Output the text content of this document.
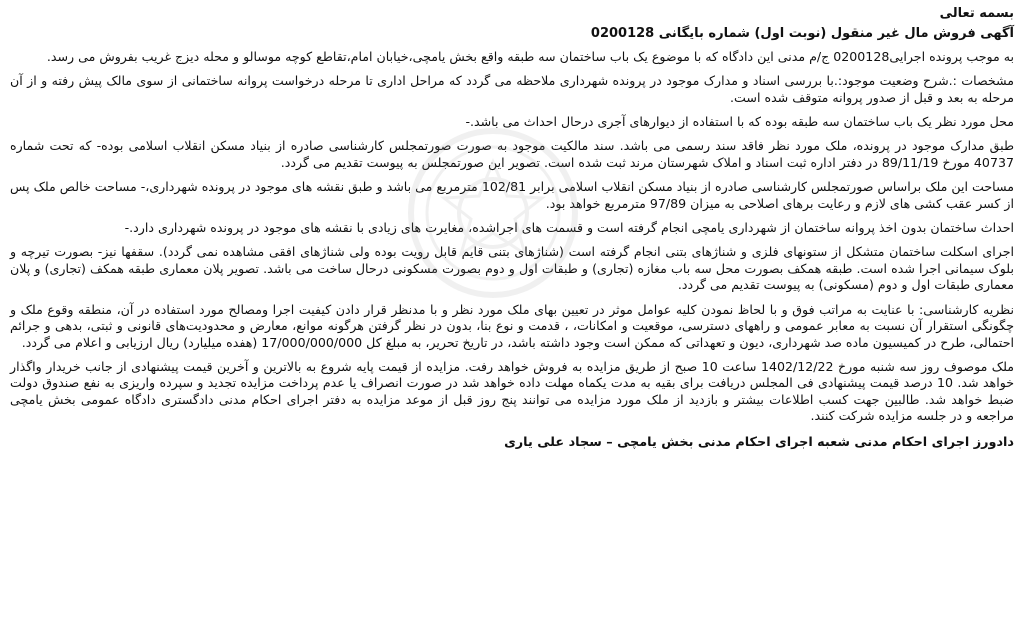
بسمه تعالی

آگهی فروش مال غیر منقول (نوبت اول) شماره بایگانی 0200128

به موجب پرونده اجرایی0200128 ج/م مدنی این دادگاه که با موضوع یک باب ساختمان سه طبقه واقع بخش یامچی،خیابان امام،تقاطع کوچه موسالو و محله دیزج غریب بفروش می رسد.

مشخصات :.شرح وضعیت موجود:.با بررسی اسناد و مدارک موجود در پرونده شهرداری ملاحظه می گردد که مراحل اداری تا مرحله درخواست پروانه ساختمانی از سوی مالک پیش رفته و از آن مرحله به بعد و قبل از صدور پروانه متوقف شده است.

محل مورد نظر یک باب ساختمان سه طبقه بوده که با استفاده از دیوارهای آجری درحال احداث می باشد.-

طبق مدارک موجود در پرونده، ملک مورد نظر فاقد سند رسمی می باشد. سند مالکیت موجود به صورت صورتمجلس کارشناسی صادره از بنیاد مسکن انقلاب اسلامی بوده- که تحت شماره 40737 مورخ 89/11/19 در دفتر اداره ثبت اسناد و املاک شهرستان مرند ثبت شده است. تصویر این صورتمجلس به پیوست تقدیم می گردد.

مساحت این ملک براساس صورتمجلس کارشناسی صادره از بنیاد مسکن انقلاب اسلامی برابر 102/81 مترمربع می باشد و طبق نقشه های موجود در پرونده شهرداری،- مساحت خالص ملک پس از کسر عقب کشی های لازم و رعایت برهای اصلاحی به میزان 97/89 مترمربع خواهد بود.

احداث ساختمان بدون اخذ پروانه ساختمان از شهرداری یامچی انجام گرفته است و قسمت های اجراشده، مغایرت های زیادی با نقشه های موجود در پرونده شهرداری دارد.-

اجرای اسکلت ساختمان متشکل از ستونهای فلزی و شناژهای بتنی انجام گرفته است (شناژهای بتنی قایم قابل رویت بوده ولی شناژهای افقی مشاهده نمی گردد). سقفها نیز- بصورت تیرچه و بلوک سیمانی اجرا شده است. طبقه همکف بصورت محل سه باب مغازه (تجاری) و طبقات اول و دوم بصورت مسکونی درحال ساخت می باشد. تصویر پلان معماری طبقه همکف (تجاری) و پلان معماری طبقات اول و دوم (مسکونی) به پیوست تقدیم می گردد.

نظریه کارشناسی: با عنایت به مراتب فوق و با لحاظ نمودن کلیه عوامل موثر در تعیین بهای ملک مورد نظر و با مدنظر قرار دادن کیفیت اجرا ومصالح مورد استفاده در آن، منطقه وقوع ملک و چگونگی استقرار آن نسبت به معابر عمومی و راههای دسترسی، موقعیت و امکانات، ، قدمت و نوع بنا، بدون در نظر گرفتن هرگونه موانع، معارض و محدودیت‌های قانونی و ثبتی، بدهی و جرائم احتمالی، طرح در کمیسیون ماده صد شهرداری، دیون و تعهداتی که ممکن است وجود داشته باشد، در تاریخ تحریر، به مبلغ کل 17/000/000/000 (هفده میلیارد) ریال ارزیابی و اعلام می گردد.

ملک موصوف روز سه شنبه مورخ 1402/12/22 ساعت 10 صبح از طریق مزایده به فروش خواهد رفت. مزایده از قیمت پایه شروع به بالاترین و آخرین قیمت پیشنهادی از جانب خریدار واگذار خواهد شد. 10 درصد قیمت پیشنهادی فی المجلس دریافت برای بقیه به مدت یکماه مهلت داده خواهد شد در صورت انصراف یا عدم پرداخت مزایده تجدید و سپرده واریزی به نفع صندوق دولت ضبط خواهد شد. طالبین جهت کسب اطلاعات بیشتر و بازدید از ملک مورد مزایده می توانند پنج روز قبل از موعد مزایده به دفتر اجرای احکام مدنی دادگستری دادگاه عمومی بخش یامچی مراجعه و در جلسه مزایده شرکت کنند.

دادورز اجرای احکام مدنی شعبه اجرای احکام مدنی بخش یامچی – سجاد علی یاری
